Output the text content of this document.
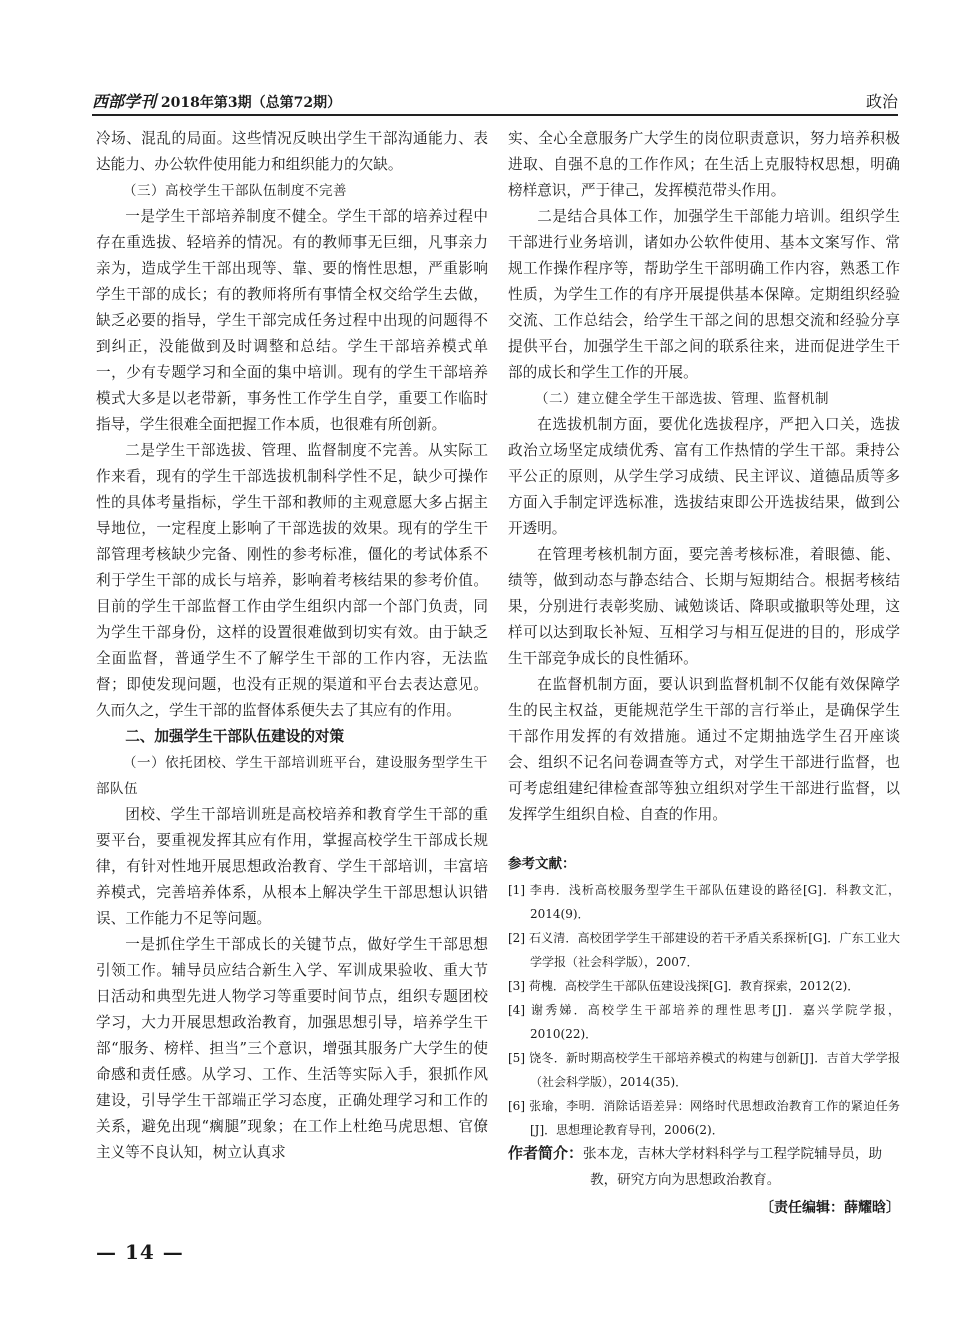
西部学刊 2018年第3期（总第72期）	政治

冷场、混乱的局面。这些情况反映出学生干部沟通能力、表达能力、办公软件使用能力和组织能力的欠缺。

（三）高校学生干部队伍制度不完善

一是学生干部培养制度不健全。学生干部的培养过程中存在重选拔、轻培养的情况。有的教师事无巨细，凡事亲力亲为，造成学生干部出现等、靠、要的惰性思想，严重影响学生干部的成长；有的教师将所有事情全权交给学生去做，缺乏必要的指导，学生干部完成任务过程中出现的问题得不到纠正，没能做到及时调整和总结。学生干部培养模式单一，少有专题学习和全面的集中培训。现有的学生干部培养模式大多是以老带新，事务性工作学生自学，重要工作临时指导，学生很难全面把握工作本质，也很难有所创新。

二是学生干部选拔、管理、监督制度不完善。从实际工作来看，现有的学生干部选拔机制科学性不足，缺少可操作性的具体考量指标，学生干部和教师的主观意愿大多占据主导地位，一定程度上影响了干部选拔的效果。现有的学生干部管理考核缺少完备、刚性的参考标准，僵化的考试体系不利于学生干部的成长与培养，影响着考核结果的参考价值。目前的学生干部监督工作由学生组织内部一个部门负责，同为学生干部身份，这样的设置很难做到切实有效。由于缺乏全面监督，普通学生不了解学生干部的工作内容，无法监督；即使发现问题，也没有正规的渠道和平台去表达意见。久而久之，学生干部的监督体系便失去了其应有的作用。

二、加强学生干部队伍建设的对策

（一）依托团校、学生干部培训班平台，建设服务型学生干部队伍

团校、学生干部培训班是高校培养和教育学生干部的重要平台，要重视发挥其应有作用，掌握高校学生干部成长规律，有针对性地开展思想政治教育、学生干部培训，丰富培养模式，完善培养体系，从根本上解决学生干部思想认识错误、工作能力不足等问题。

一是抓住学生干部成长的关键节点，做好学生干部思想引领工作。辅导员应结合新生入学、军训成果验收、重大节日活动和典型先进人物学习等重要时间节点，组织专题团校学习，大力开展思想政治教育，加强思想引导，培养学生干部“服务、榜样、担当”三个意识，增强其服务广大学生的使命感和责任感。从学习、工作、生活等实际入手，狠抓作风建设，引导学生干部端正学习态度，正确处理学习和工作的关系，避免出现“瘸腿”现象；在工作上杜绝马虎思想、官僚主义等不良认知，树立认真求

实、全心全意服务广大学生的岗位职责意识，努力培养积极进取、自强不息的工作作风；在生活上克服特权思想，明确榜样意识，严于律己，发挥模范带头作用。

二是结合具体工作，加强学生干部能力培训。组织学生干部进行业务培训，诸如办公软件使用、基本文案写作、常规工作操作程序等，帮助学生干部明确工作内容，熟悉工作性质，为学生工作的有序开展提供基本保障。定期组织经验交流、工作总结会，给学生干部之间的思想交流和经验分享提供平台，加强学生干部之间的联系往来，进而促进学生干部的成长和学生工作的开展。

（二）建立健全学生干部选拔、管理、监督机制

在选拔机制方面，要优化选拔程序，严把入口关，选拔政治立场坚定成绩优秀、富有工作热情的学生干部。秉持公平公正的原则，从学生学习成绩、民主评议、道德品质等多方面入手制定评选标准，选拔结束即公开选拔结果，做到公开透明。

在管理考核机制方面，要完善考核标准，着眼德、能、绩等，做到动态与静态结合、长期与短期结合。根据考核结果，分别进行表彰奖励、诫勉谈话、降职或撤职等处理，这样可以达到取长补短、互相学习与相互促进的目的，形成学生干部竞争成长的良性循环。

在监督机制方面，要认识到监督机制不仅能有效保障学生的民主权益，更能规范学生干部的言行举止，是确保学生干部作用发挥的有效措施。通过不定期抽选学生召开座谈会、组织不记名问卷调查等方式，对学生干部进行监督，也可考虑组建纪律检查部等独立组织对学生干部进行监督，以发挥学生组织自检、自查的作用。

参考文献：
[1] 李冉．浅析高校服务型学生干部队伍建设的路径[G]．科教文汇，2014(9)．
[2] 石义清．高校团学学生干部建设的若干矛盾关系探析[G]．广东工业大学学报（社会科学版），2007．
[3] 荷槐．高校学生干部队伍建设浅探[G]．教育探索，2012(2)．
[4] 谢秀娣．高校学生干部培养的理性思考[J]．嘉兴学院学报，2010(22)．
[5] 饶冬．新时期高校学生干部培养模式的构建与创新[J]．吉首大学学报（社会科学版），2014(35)．
[6] 张瑜，李明．消除话语差异：网络时代思想政治教育工作的紧迫任务[J]．思想理论教育导刊，2006(2)．
作者简介：张本龙，吉林大学材料科学与工程学院辅导员，助教，研究方向为思想政治教育。
〔责任编辑：薛耀晗〕
— 14 —
